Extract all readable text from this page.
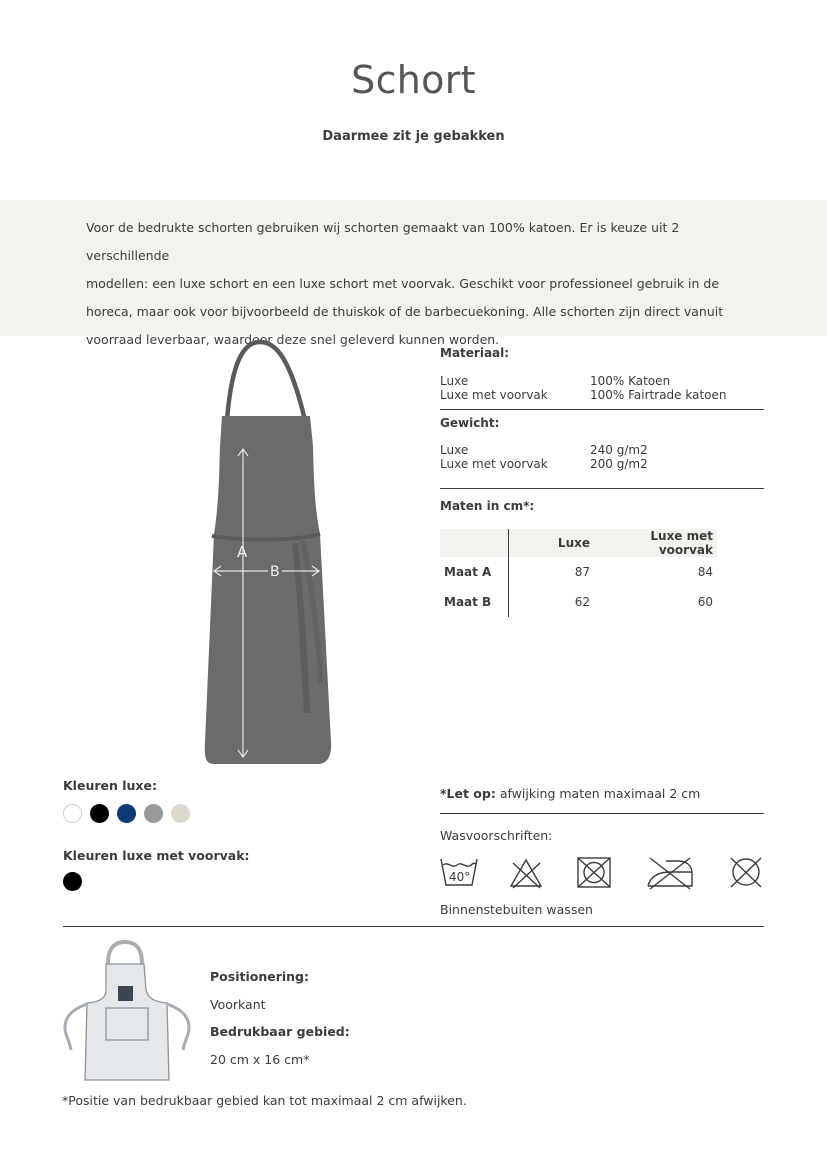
Schort
Daarmee zit je gebakken
Voor de bedrukte schorten gebruiken wij schorten gemaakt van 100% katoen. Er is keuze uit 2 verschillende
modellen: een luxe schort en een luxe schort met voorvak. Geschikt voor professioneel gebruik in de
horeca, maar ook voor bijvoorbeeld de thuiskok of de barbecuekoning. Alle schorten zijn direct vanuit
voorraad leverbaar, waardoor deze snel geleverd kunnen worden.
A
B
Materiaal:
Luxe	100% Katoen
Luxe met voorvak	100% Fairtrade katoen
Gewicht:
Luxe	240 g/m2
Luxe met voorvak	200 g/m2
Maten in cm*:
	Luxe	Luxe met voorvak
Maat A	87	84
Maat B	62	60
Kleuren luxe:
Kleuren luxe met voorvak:
*Let op: afwijking maten maximaal 2 cm
Wasvoorschriften:
40°
Binnenstebuiten wassen
Positionering:
Voorkant
Bedrukbaar gebied:
20 cm x 16 cm*
*Positie van bedrukbaar gebied kan tot maximaal 2 cm afwijken.
